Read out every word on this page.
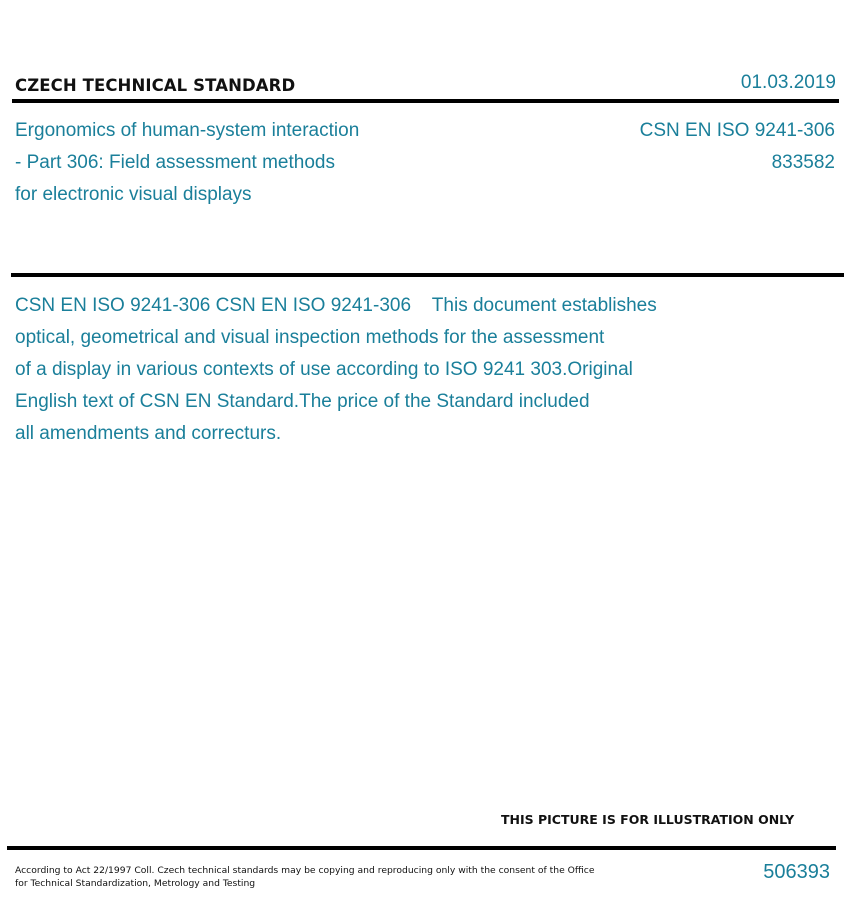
CZECH TECHNICAL STANDARD	01.03.2019
Ergonomics of human-system interaction
- Part 306: Field assessment methods
for electronic visual displays
CSN EN ISO 9241-306
833582
CSN EN ISO 9241-306 CSN EN ISO 9241-306    This document establishes
optical, geometrical and visual inspection methods for the assessment
of a display in various contexts of use according to ISO 9241 303.Original
English text of CSN EN Standard.The price of the Standard included
all amendments and correcturs.
THIS PICTURE IS FOR ILLUSTRATION ONLY
According to Act 22/1997 Coll. Czech technical standards may be copying and reproducing only with the consent of the Office
for Technical Standardization, Metrology and Testing
506393
